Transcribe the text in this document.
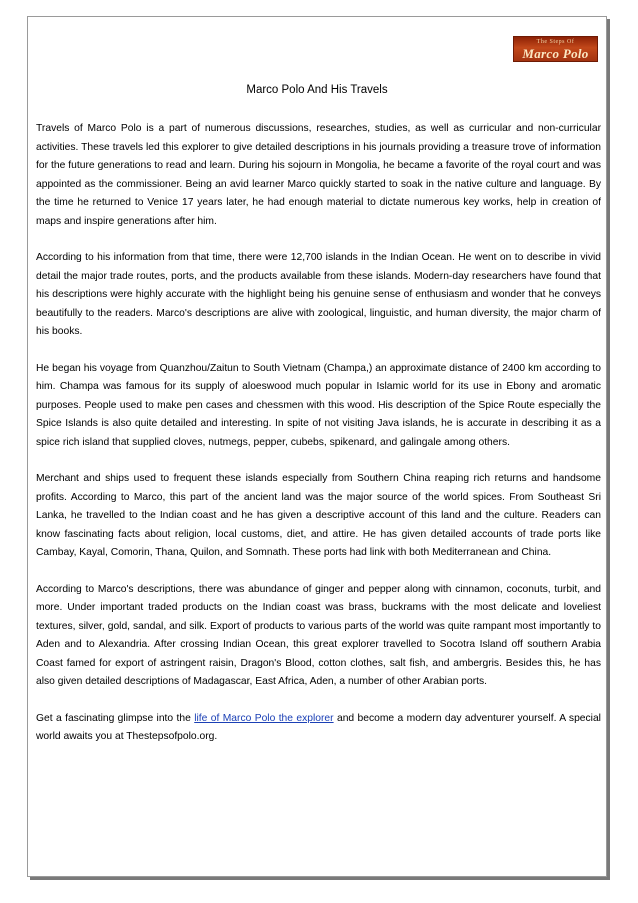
The Steps Of
Marco Polo
Marco Polo And His Travels

Travels of Marco Polo is a part of numerous discussions, researches, studies, as well as curricular and non-curricular activities. These travels led this explorer to give detailed descriptions in his journals providing a treasure trove of information for the future generations to read and learn. During his sojourn in Mongolia, he became a favorite of the royal court and was appointed as the commissioner. Being an avid learner Marco quickly started to soak in the native culture and language. By the time he returned to Venice 17 years later, he had enough material to dictate numerous key works, help in creation of maps and inspire generations after him.

According to his information from that time, there were 12,700 islands in the Indian Ocean. He went on to describe in vivid detail the major trade routes, ports, and the products available from these islands. Modern-day researchers have found that his descriptions were highly accurate with the highlight being his genuine sense of enthusiasm and wonder that he conveys beautifully to the readers. Marco's descriptions are alive with zoological, linguistic, and human diversity, the major charm of his books.

He began his voyage from Quanzhou/Zaitun to South Vietnam (Champa,) an approximate distance of 2400 km according to him. Champa was famous for its supply of aloeswood much popular in Islamic world for its use in Ebony and aromatic purposes. People used to make pen cases and chessmen with this wood. His description of the Spice Route especially the Spice Islands is also quite detailed and interesting. In spite of not visiting Java islands, he is accurate in describing it as a spice rich island that supplied cloves, nutmegs, pepper, cubebs, spikenard, and galingale among others.

Merchant and ships used to frequent these islands especially from Southern China reaping rich returns and handsome profits. According to Marco, this part of the ancient land was the major source of the world spices. From Southeast Sri Lanka, he travelled to the Indian coast and he has given a descriptive account of this land and the culture. Readers can know fascinating facts about religion, local customs, diet, and attire. He has given detailed accounts of trade ports like Cambay, Kayal, Comorin, Thana, Quilon, and Somnath. These ports had link with both Mediterranean and China.

According to Marco's descriptions, there was abundance of ginger and pepper along with cinnamon, coconuts, turbit, and more. Under important traded products on the Indian coast was brass, buckrams with the most delicate and loveliest textures, silver, gold, sandal, and silk. Export of products to various parts of the world was quite rampant most importantly to Aden and to Alexandria. After crossing Indian Ocean, this great explorer travelled to Socotra Island off southern Arabia Coast famed for export of astringent raisin, Dragon's Blood, cotton clothes, salt fish, and ambergris. Besides this, he has also given detailed descriptions of Madagascar, East Africa, Aden, a number of other Arabian ports.

Get a fascinating glimpse into the life of Marco Polo the explorer and become a modern day adventurer yourself. A special world awaits you at Thestepsofpolo.org.
